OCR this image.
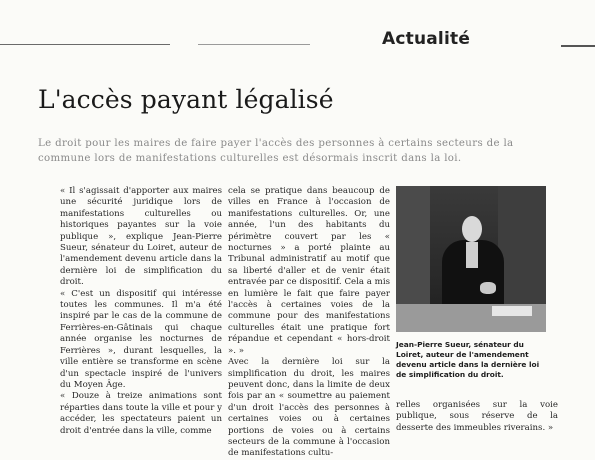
Actualité
L'accès payant légalisé
Le droit pour les maires de faire payer l'accès des personnes à certains secteurs de la commune lors de manifestations culturelles est désormais inscrit dans la loi.

« Il s'agissait d'apporter aux maires une sécurité juridique lors de manifestations culturelles ou historiques payantes sur la voie publique », explique Jean-Pierre Sueur, sénateur du Loiret, auteur de l'amendement devenu article dans la dernière loi de simplification du droit.

« C'est un dispositif qui intéresse toutes les communes. Il m'a été inspiré par le cas de la commune de Ferrières-en-Gâtinais qui chaque année organise les nocturnes de Ferrières », durant lesquelles, la ville entière se transforme en scène d'un spectacle inspiré de l'univers du Moyen Âge.

« Douze à treize animations sont réparties dans toute la ville et pour y accéder, les spectateurs paient un droit d'entrée dans la ville, comme

cela se pratique dans beaucoup de villes en France à l'occasion de manifestations culturelles. Or, une année, l'un des habitants du périmètre couvert par les « nocturnes » a porté plainte au Tribunal administratif au motif que sa liberté d'aller et de venir était entravée par ce dispositif. Cela a mis en lumière le fait que faire payer l'accès à certaines voies de la commune pour des manifestations culturelles était une pratique fort répandue et cependant « hors-droit ». »

Avec la dernière loi sur la simplification du droit, les maires peuvent donc, dans la limite de deux fois par an « soumettre au paiement d'un droit l'accès des personnes à certaines voies ou à certaines portions de voies ou à certains secteurs de la commune à l'occasion de manifestations cultu-

Jean-Pierre Sueur, sénateur du Loiret, auteur de l'amendement devenu article dans la dernière loi de simplification du droit.

relles organisées sur la voie publique, sous réserve de la desserte des immeubles riverains. »
